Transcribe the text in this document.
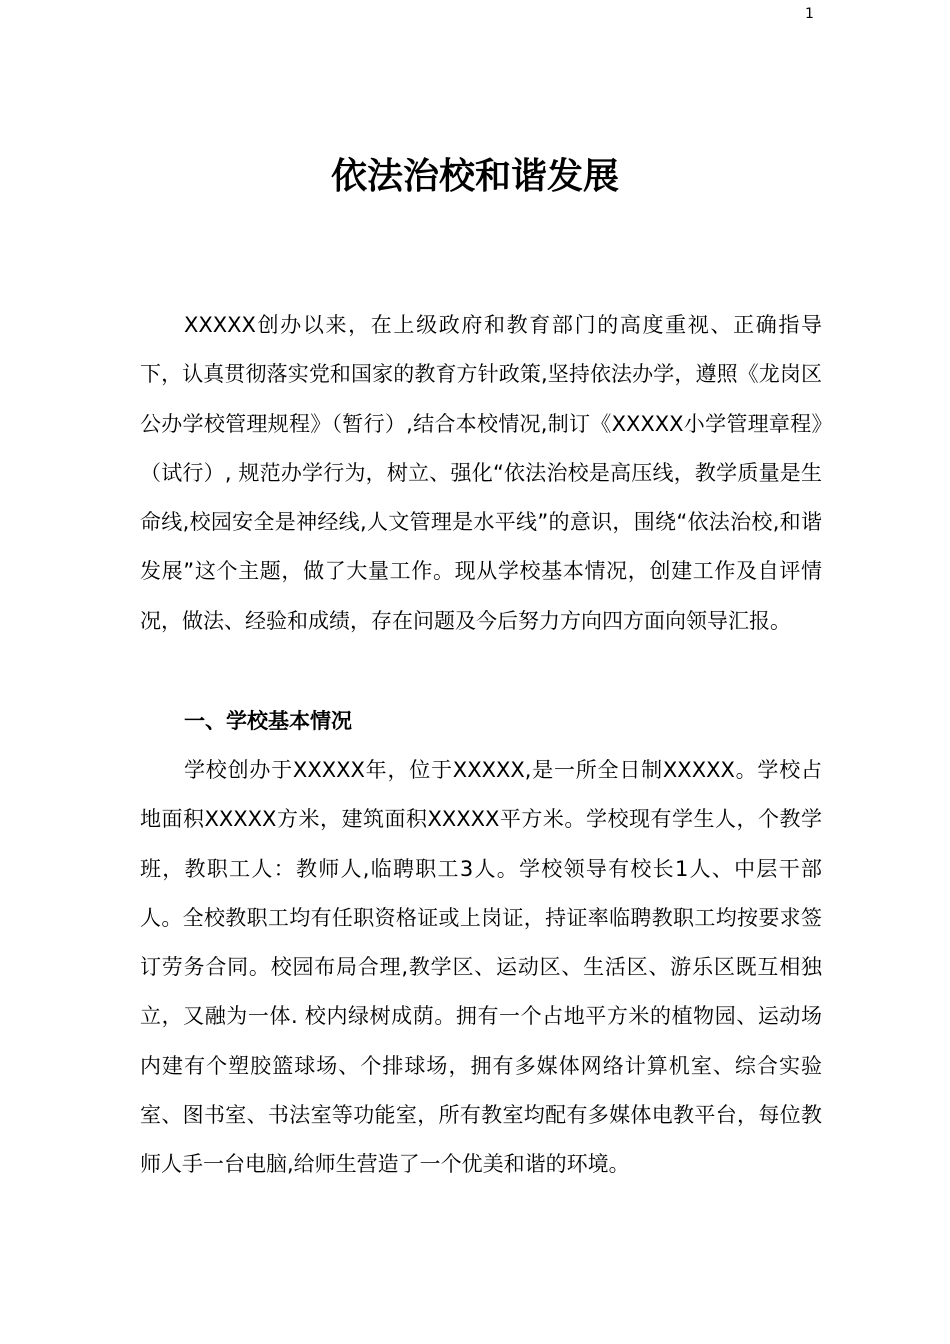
1
依法治校和谐发展

XXXXX创办以来，在上级政府和教育部门的高度重视、正确指导下，认真贯彻落实党和国家的教育方针政策,坚持依法办学，遵照《龙岗区公办学校管理规程》（暂行）,结合本校情况,制订《XXXXX小学管理章程》（试行）, 规范办学行为，树立、强化“依法治校是高压线，教学质量是生命线,校园安全是神经线,人文管理是水平线”的意识，围绕“依法治校,和谐发展”这个主题，做了大量工作。现从学校基本情况，创建工作及自评情况，做法、经验和成绩，存在问题及今后努力方向四方面向领导汇报。

一、学校基本情况

学校创办于XXXXX年，位于XXXXX,是一所全日制XXXXX。学校占地面积XXXXX方米，建筑面积XXXXX平方米。学校现有学生人，个教学班，教职工人：教师人,临聘职工3人。学校领导有校长1人、中层干部人。全校教职工均有任职资格证或上岗证，持证率临聘教职工均按要求签订劳务合同。校园布局合理,教学区、运动区、生活区、游乐区既互相独立，又融为一体. 校内绿树成荫。拥有一个占地平方米的植物园、运动场内建有个塑胶篮球场、个排球场，拥有多媒体网络计算机室、综合实验室、图书室、书法室等功能室，所有教室均配有多媒体电教平台，每位教师人手一台电脑,给师生营造了一个优美和谐的环境。
